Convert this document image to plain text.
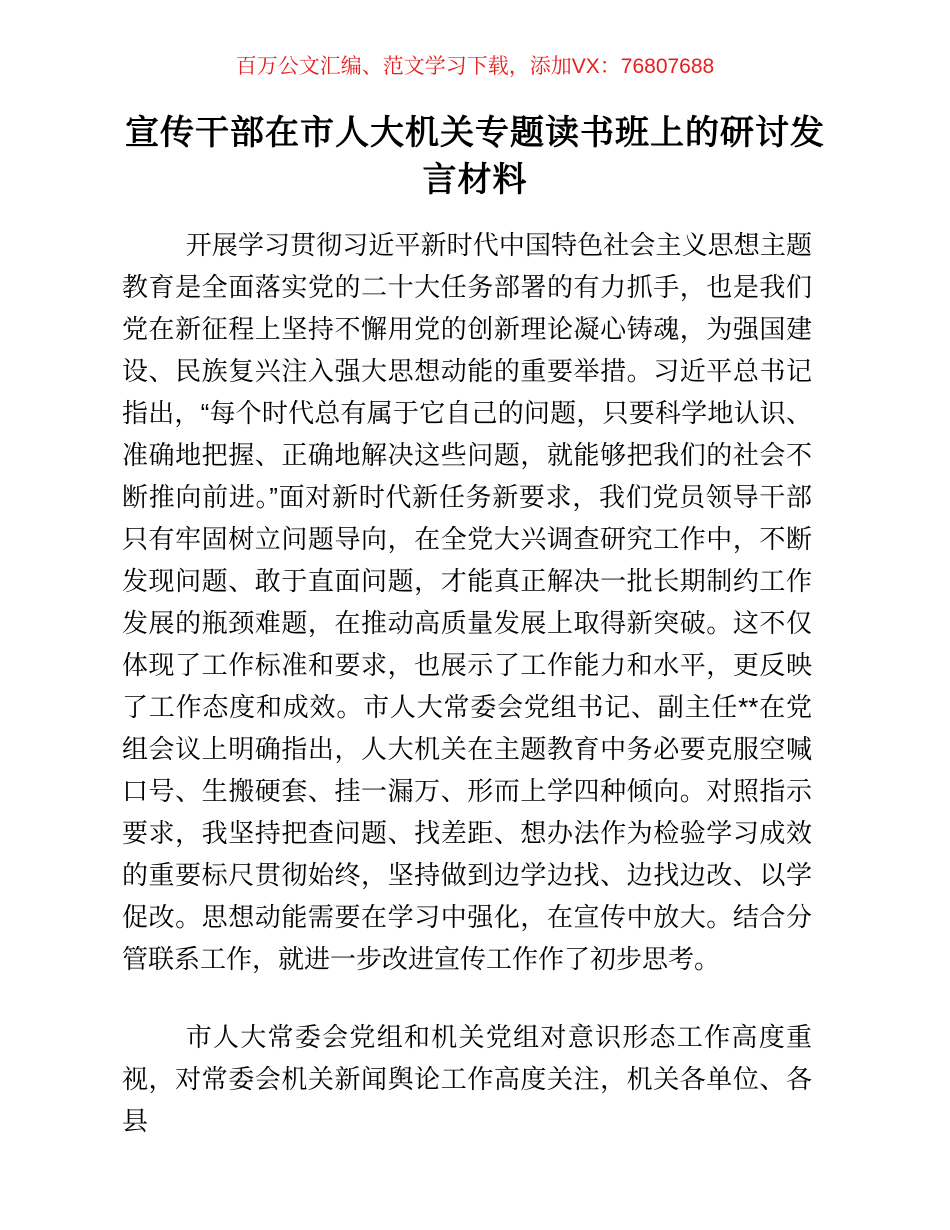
百万公文汇编、范文学习下载，添加VX：76807688

宣传干部在市人大机关专题读书班上的研讨发言材料

开展学习贯彻习近平新时代中国特色社会主义思想主题教育是全面落实党的二十大任务部署的有力抓手，也是我们党在新征程上坚持不懈用党的创新理论凝心铸魂，为强国建设、民族复兴注入强大思想动能的重要举措。习近平总书记指出，“每个时代总有属于它自己的问题，只要科学地认识、准确地把握、正确地解决这些问题，就能够把我们的社会不断推向前进。”面对新时代新任务新要求，我们党员领导干部只有牢固树立问题导向，在全党大兴调查研究工作中，不断发现问题、敢于直面问题，才能真正解决一批长期制约工作发展的瓶颈难题，在推动高质量发展上取得新突破。这不仅体现了工作标准和要求，也展示了工作能力和水平，更反映了工作态度和成效。市人大常委会党组书记、副主任**在党组会议上明确指出，人大机关在主题教育中务必要克服空喊口号、生搬硬套、挂一漏万、形而上学四种倾向。对照指示要求，我坚持把查问题、找差距、想办法作为检验学习成效的重要标尺贯彻始终，坚持做到边学边找、边找边改、以学促改。思想动能需要在学习中强化，在宣传中放大。结合分管联系工作，就进一步改进宣传工作作了初步思考。

市人大常委会党组和机关党组对意识形态工作高度重视，对常委会机关新闻舆论工作高度关注，机关各单位、各县
